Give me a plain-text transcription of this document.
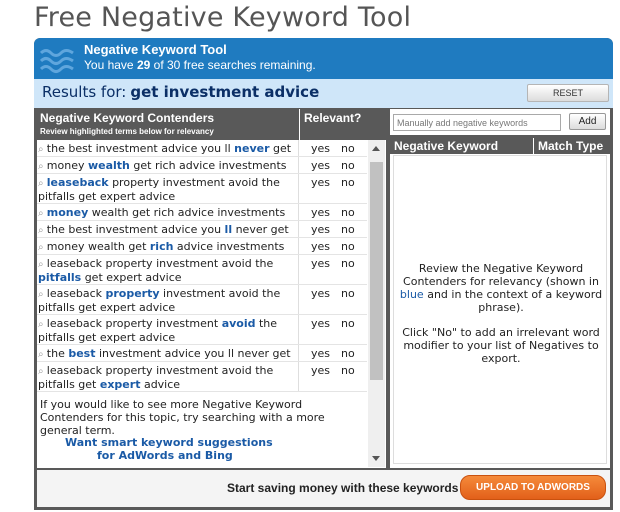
Free Negative Keyword Tool
Negative Keyword Tool
You have 29 of 30 free searches remaining.
Results for: get investment advice	RESET
Negative Keyword Contenders
Review highlighted terms below for relevancy
Relevant?
⌕ the best investment advice you ll never get	yes no
⌕ money wealth get rich advice investments	yes no
⌕ leaseback property investment avoid the pitfalls get expert advice
yes no
⌕ money wealth get rich advice investments	yes no
⌕ the best investment advice you ll never get	yes no
⌕ money wealth get rich advice investments	yes no
⌕ leaseback property investment avoid the pitfalls get expert advice
yes no
⌕ leaseback property investment avoid the pitfalls get expert advice
yes no
⌕ leaseback property investment avoid the pitfalls get expert advice
yes no
⌕ the best investment advice you ll never get	yes no
⌕ leaseback property investment avoid the pitfalls get expert advice
yes no
If you would like to see more Negative Keyword Contenders for this topic, try searching with a more general term.
Want smart keyword suggestions
for AdWords and Bing
Manually add negative keywords
Add
Negative Keyword	Match Type
Review the Negative Keyword Contenders for relevancy (shown in blue and in the context of a keyword phrase).
Click "No" to add an irrelevant word modifier to your list of Negatives to export.
Start saving money with these keywords	UPLOAD TO ADWORDS
